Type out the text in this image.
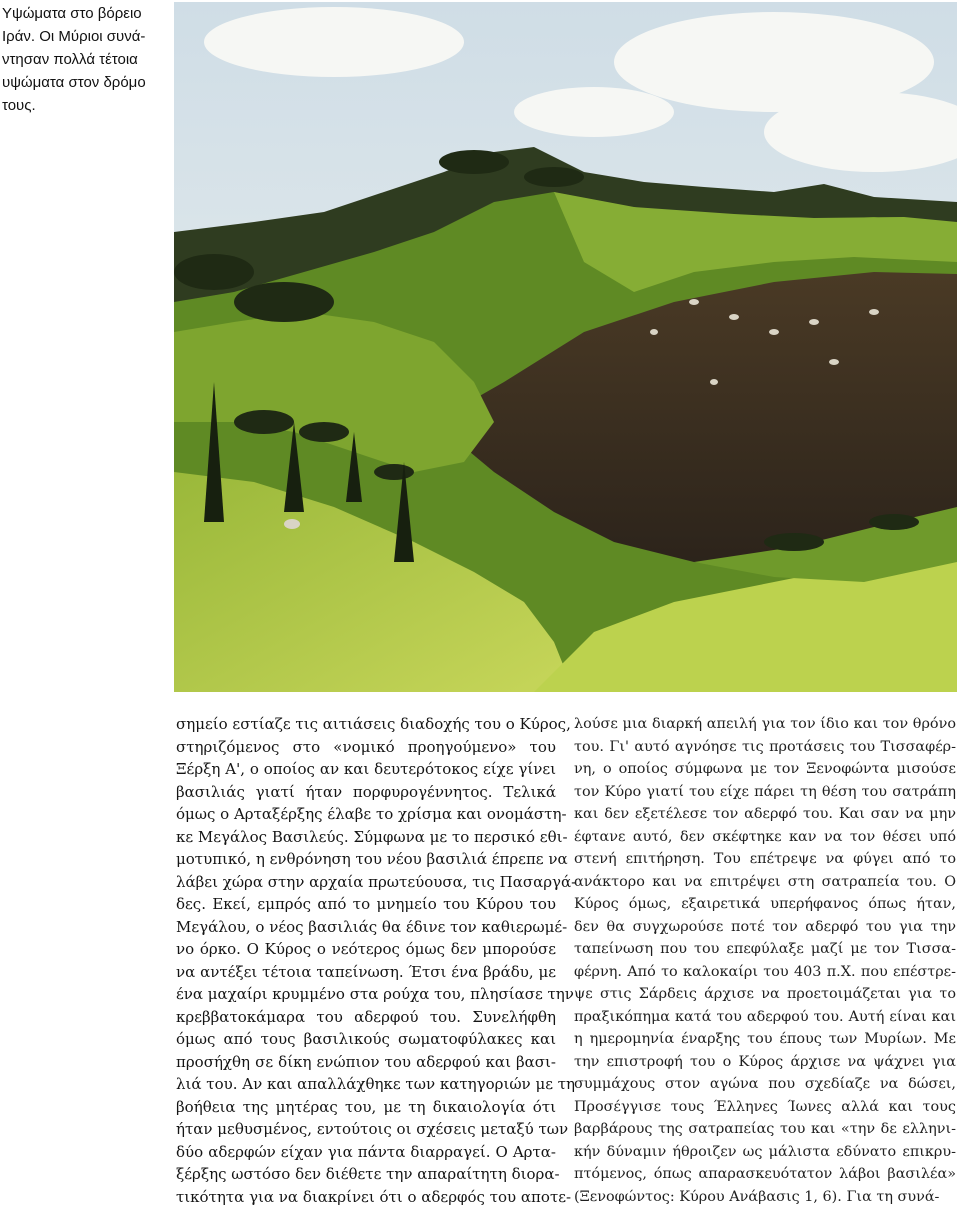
Υψώματα στο βόρειο
Ιράν. Οι Μύριοι συνά-
ντησαν πολλά τέτοια
υψώματα στον δρόμο
τους.
σημείο εστίαζε τις αιτιάσεις διαδοχής του ο Κύρος,
στηριζόμενος στο «νομικό προηγούμενο» του
Ξέρξη Α', ο οποίος αν και δευτερότοκος είχε γίνει
βασιλιάς γιατί ήταν πορφυρογέννητος. Τελικά
όμως ο Αρταξέρξης έλαβε το χρίσμα και ονομάστη-
κε Μεγάλος Βασιλεύς. Σύμφωνα με το περσικό εθι-
μοτυπικό, η ενθρόνηση του νέου βασιλιά έπρεπε να
λάβει χώρα στην αρχαία πρωτεύουσα, τις Πασαργά-
δες. Εκεί, εμπρός από το μνημείο του Κύρου του
Μεγάλου, ο νέος βασιλιάς θα έδινε τον καθιερωμέ-
νο όρκο. Ο Κύρος ο νεότερος όμως δεν μπορούσε
να αντέξει τέτοια ταπείνωση. Έτσι ένα βράδυ, με
ένα μαχαίρι κρυμμένο στα ρούχα του, πλησίασε την
κρεββατοκάμαρα του αδερφού του. Συνελήφθη
όμως από τους βασιλικούς σωματοφύλακες και
προσήχθη σε δίκη ενώπιον του αδερφού και βασι-
λιά του. Αν και απαλλάχθηκε των κατηγοριών με τη
βοήθεια της μητέρας του, με τη δικαιολογία ότι
ήταν μεθυσμένος, εντούτοις οι σχέσεις μεταξύ των
δύο αδερφών είχαν για πάντα διαρραγεί. Ο Αρτα-
ξέρξης ωστόσο δεν διέθετε την απαραίτητη διορα-
τικότητα για να διακρίνει ότι ο αδερφός του αποτε-
λούσε μια διαρκή απειλή για τον ίδιο και τον θρόνο
του. Γι' αυτό αγνόησε τις προτάσεις του Τισσαφέρ-
νη, ο οποίος σύμφωνα με τον Ξενοφώντα μισούσε
τον Κύρο γιατί του είχε πάρει τη θέση του σατράπη
και δεν εξετέλεσε τον αδερφό του. Και σαν να μην
έφτανε αυτό, δεν σκέφτηκε καν να τον θέσει υπό
στενή επιτήρηση. Του επέτρεψε να φύγει από το
ανάκτορο και να επιτρέψει στη σατραπεία του. Ο
Κύρος όμως, εξαιρετικά υπερήφανος όπως ήταν,
δεν θα συγχωρούσε ποτέ τον αδερφό του για την
ταπείνωση που του επεφύλαξε μαζί με τον Τισσα-
φέρνη. Από το καλοκαίρι του 403 π.Χ. που επέστρε-
ψε στις Σάρδεις άρχισε να προετοιμάζεται για το
πραξικόπημα κατά του αδερφού του. Αυτή είναι και
η ημερομηνία έναρξης του έπους των Μυρίων. Με
την επιστροφή του ο Κύρος άρχισε να ψάχνει για
συμμάχους στον αγώνα που σχεδίαζε να δώσει,
Προσέγγισε τους Έλληνες Ίωνες αλλά και τους
βαρβάρους της σατραπείας του και «την δε ελληνι-
κήν δύναμιν ήθροιζεν ως μάλιστα εδύνατο επικρυ-
πτόμενος, όπως απαρασκευότατον λάβοι βασιλέα»
(Ξενοφώντος: Κύρου Ανάβασις 1, 6). Για τη συνά-
